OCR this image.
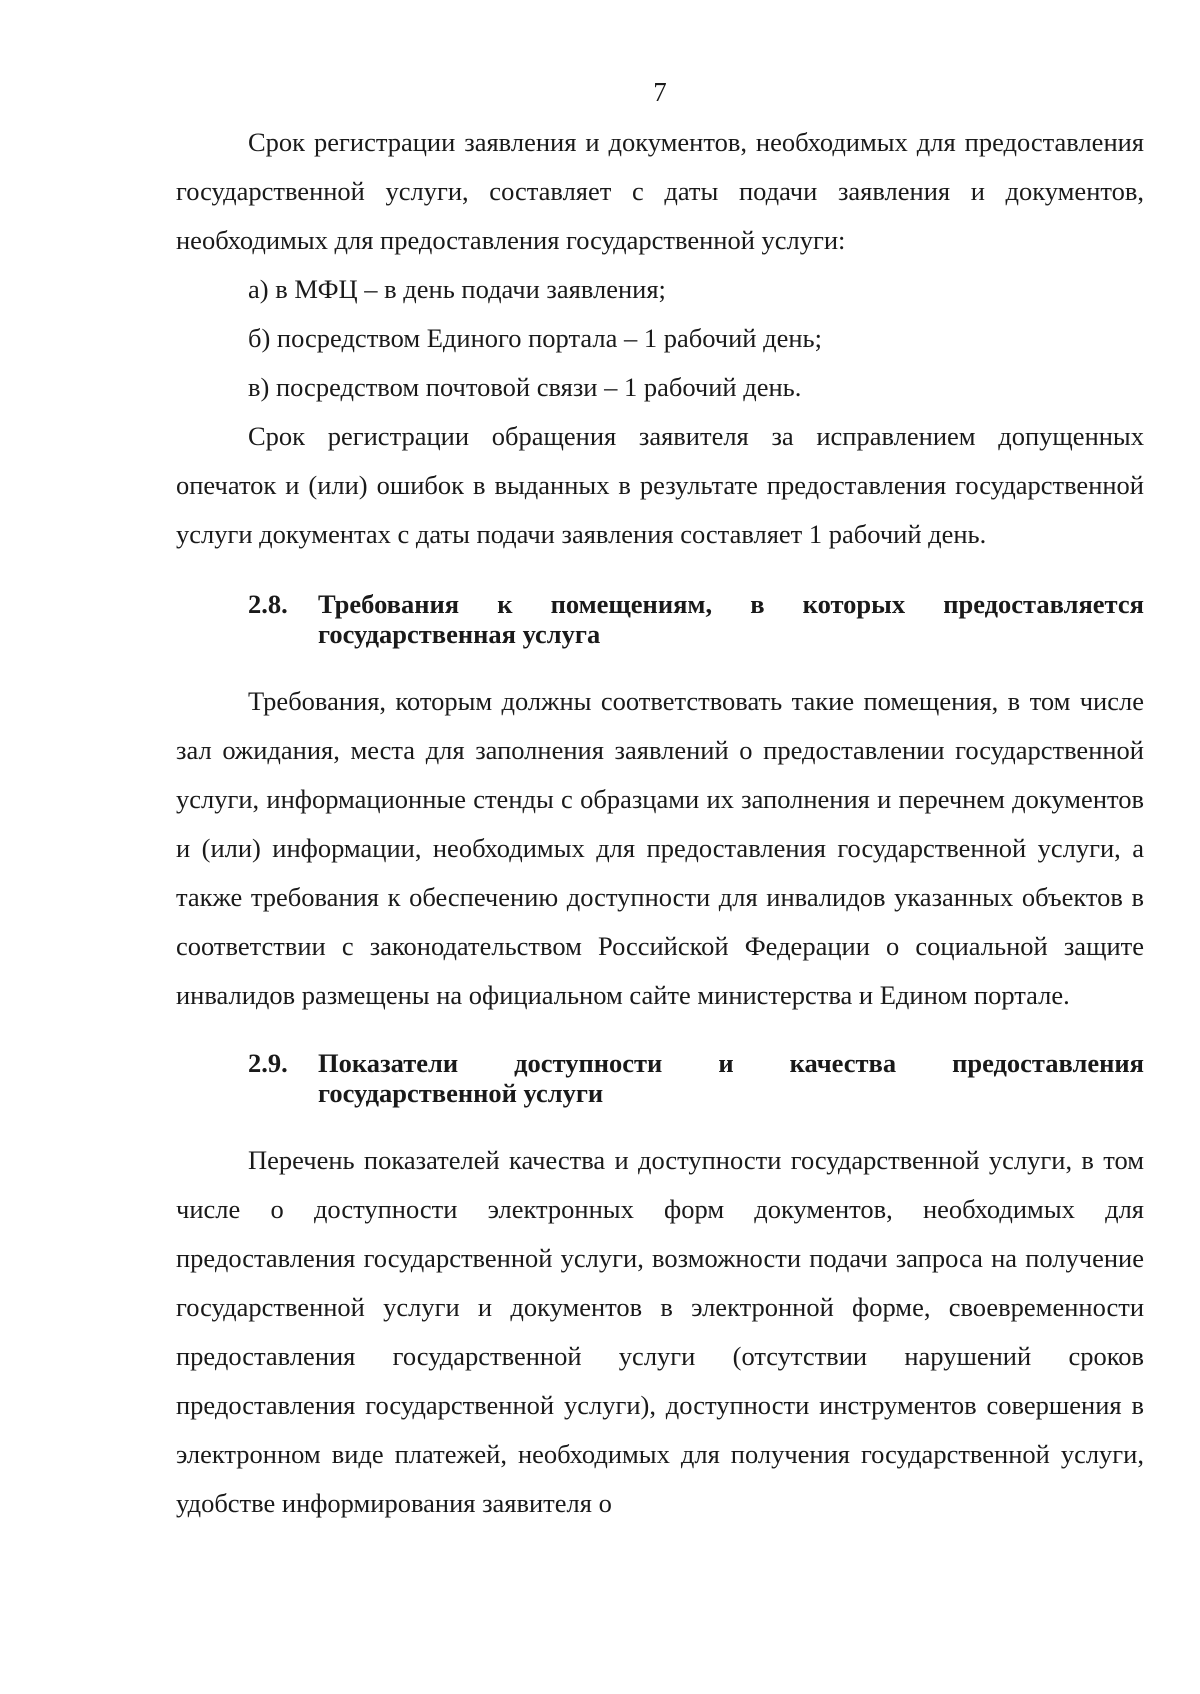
7

Срок регистрации заявления и документов, необходимых для предоставления государственной услуги, составляет с даты подачи заявления и документов, необходимых для предоставления государственной услуги:

а) в МФЦ – в день подачи заявления;

б) посредством Единого портала – 1 рабочий день;

в) посредством почтовой связи – 1 рабочий день.

Срок регистрации обращения заявителя за исправлением допущенных опечаток и (или) ошибок в выданных в результате предоставления государственной услуги документах с даты подачи заявления составляет 1 рабочий день.

2.8.	Требования к помещениям, в которых предоставляется
государственная услуга

Требования, которым должны соответствовать такие помещения, в том числе зал ожидания, места для заполнения заявлений о предоставлении государственной услуги, информационные стенды с образцами их заполнения и перечнем документов и (или) информации, необходимых для предоставления государственной услуги, а также требования к обеспечению доступности для инвалидов указанных объектов в соответствии с законодательством Российской Федерации о социальной защите инвалидов размещены на официальном сайте министерства и Едином портале.

2.9.	Показатели доступности и качества предоставления
государственной услуги

Перечень показателей качества и доступности государственной услуги, в том числе о доступности электронных форм документов, необходимых для предоставления государственной услуги, возможности подачи запроса на получение государственной услуги и документов в электронной форме, своевременности предоставления государственной услуги (отсутствии нарушений сроков предоставления государственной услуги), доступности инструментов совершения в электронном виде платежей, необходимых для получения государственной услуги, удобстве информирования заявителя о
